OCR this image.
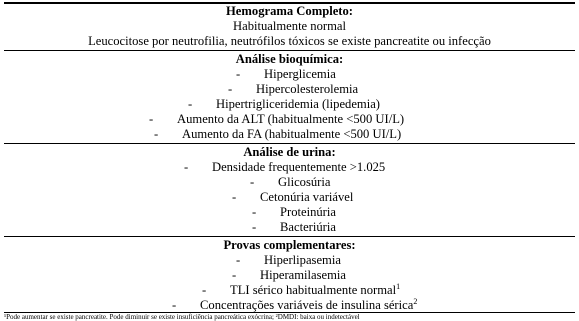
Hemograma Completo:
Habitualmente normal
Leucocitose por neutrofilia, neutrófilos tóxicos se existe pancreatite ou infecção
Análise bioquímica:
- Hiperglicemia
- Hipercolesterolemia
- Hipertrigliceridemia (lipedemia)
- Aumento da ALT (habitualmente <500 UI/L)
- Aumento da FA (habitualmente <500 UI/L)
Análise de urina:
- Densidade frequentemente >1.025
- Glicosúria
- Cetonúria variável
- Proteinúria
- Bacteriúria
Provas complementares:
- Hiperlipasemia
- Hiperamilasemia
- TLI sérico habitualmente normal$^1$
- Concentrações variáveis de insulina sérica$^2$
¹Pode aumentar se existe pancreatite. Pode diminuir se existe insuficiência pancreática exócrina; ²DMDI: baixa ou indetectável
